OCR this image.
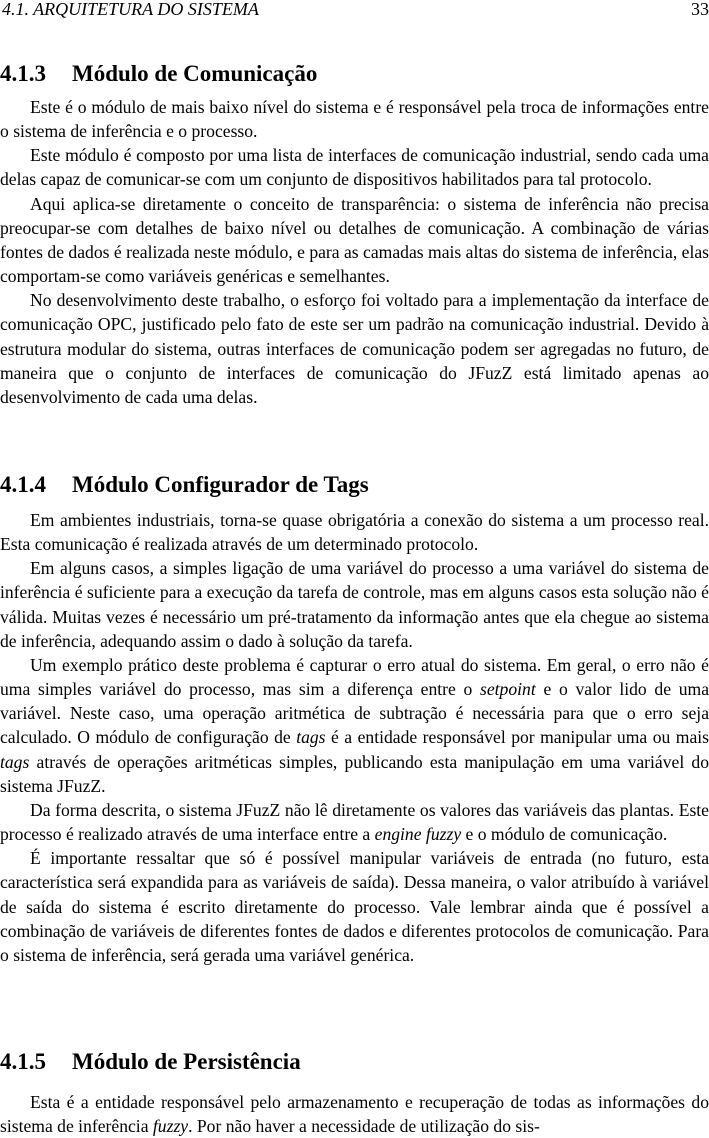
4.1. ARQUITETURA DO SISTEMA	33
4.1.3 Módulo de Comunicação

Este é o módulo de mais baixo nível do sistema e é responsável pela troca de informações entre o sistema de inferência e o processo.

Este módulo é composto por uma lista de interfaces de comunicação industrial, sendo cada uma delas capaz de comunicar-se com um conjunto de dispositivos habilitados para tal protocolo.

Aqui aplica-se diretamente o conceito de transparência: o sistema de inferência não precisa preocupar-se com detalhes de baixo nível ou detalhes de comunicação. A combinação de várias fontes de dados é realizada neste módulo, e para as camadas mais altas do sistema de inferência, elas comportam-se como variáveis genéricas e semelhantes.

No desenvolvimento deste trabalho, o esforço foi voltado para a implementação da interface de comunicação OPC, justificado pelo fato de este ser um padrão na comunicação industrial. Devido à estrutura modular do sistema, outras interfaces de comunicação podem ser agregadas no futuro, de maneira que o conjunto de interfaces de comunicação do JFuzZ está limitado apenas ao desenvolvimento de cada uma delas.

4.1.4 Módulo Configurador de Tags

Em ambientes industriais, torna-se quase obrigatória a conexão do sistema a um processo real. Esta comunicação é realizada através de um determinado protocolo.

Em alguns casos, a simples ligação de uma variável do processo a uma variável do sistema de inferência é suficiente para a execução da tarefa de controle, mas em alguns casos esta solução não é válida. Muitas vezes é necessário um pré-tratamento da informação antes que ela chegue ao sistema de inferência, adequando assim o dado à solução da tarefa.

Um exemplo prático deste problema é capturar o erro atual do sistema. Em geral, o erro não é uma simples variável do processo, mas sim a diferença entre o setpoint e o valor lido de uma variável. Neste caso, uma operação aritmética de subtração é necessária para que o erro seja calculado. O módulo de configuração de tags é a entidade responsável por manipular uma ou mais tags através de operações aritméticas simples, publicando esta manipulação em uma variável do sistema JFuzZ.

Da forma descrita, o sistema JFuzZ não lê diretamente os valores das variáveis das plantas. Este processo é realizado através de uma interface entre a engine fuzzy e o módulo de comunicação.

É importante ressaltar que só é possível manipular variáveis de entrada (no futuro, esta característica será expandida para as variáveis de saída). Dessa maneira, o valor atribuído à variável de saída do sistema é escrito diretamente do processo. Vale lembrar ainda que é possível a combinação de variáveis de diferentes fontes de dados e diferentes protocolos de comunicação. Para o sistema de inferência, será gerada uma variável genérica.

4.1.5 Módulo de Persistência

Esta é a entidade responsável pelo armazenamento e recuperação de todas as informações do sistema de inferência fuzzy. Por não haver a necessidade de utilização do sis-
